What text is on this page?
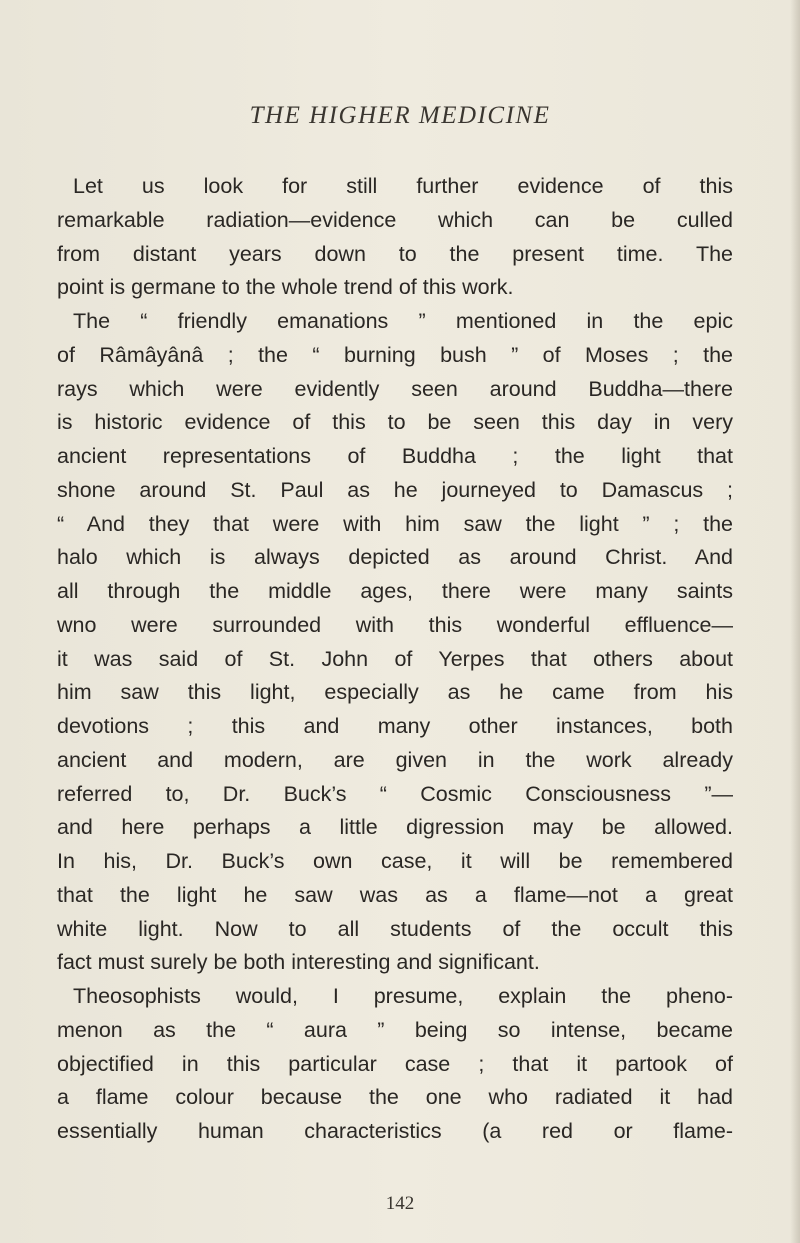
THE HIGHER MEDICINE
Let us look for still further evidence of this
remarkable radiation—evidence which can be culled
from distant years down to the present time. The
point is germane to the whole trend of this work.
The “ friendly emanations ” mentioned in the epic
of Râmâyânâ ; the “ burning bush ” of Moses ; the
rays which were evidently seen around Buddha—there
is historic evidence of this to be seen this day in very
ancient representations of Buddha ; the light that
shone around St. Paul as he journeyed to Damascus ;
“ And they that were with him saw the light ” ; the
halo which is always depicted as around Christ. And
all through the middle ages, there were many saints
wno were surrounded with this wonderful effluence—
it was said of St. John of Yerpes that others about
him saw this light, especially as he came from his
devotions ; this and many other instances, both
ancient and modern, are given in the work already
referred to, Dr. Buck’s “ Cosmic Consciousness ”—
and here perhaps a little digression may be allowed.
In his, Dr. Buck’s own case, it will be remembered
that the light he saw was as a flame—not a great
white light. Now to all students of the occult this
fact must surely be both interesting and significant.
Theosophists would, I presume, explain the pheno-
menon as the “ aura ” being so intense, became
objectified in this particular case ; that it partook of
a flame colour because the one who radiated it had
essentially human characteristics (a red or flame-
142
